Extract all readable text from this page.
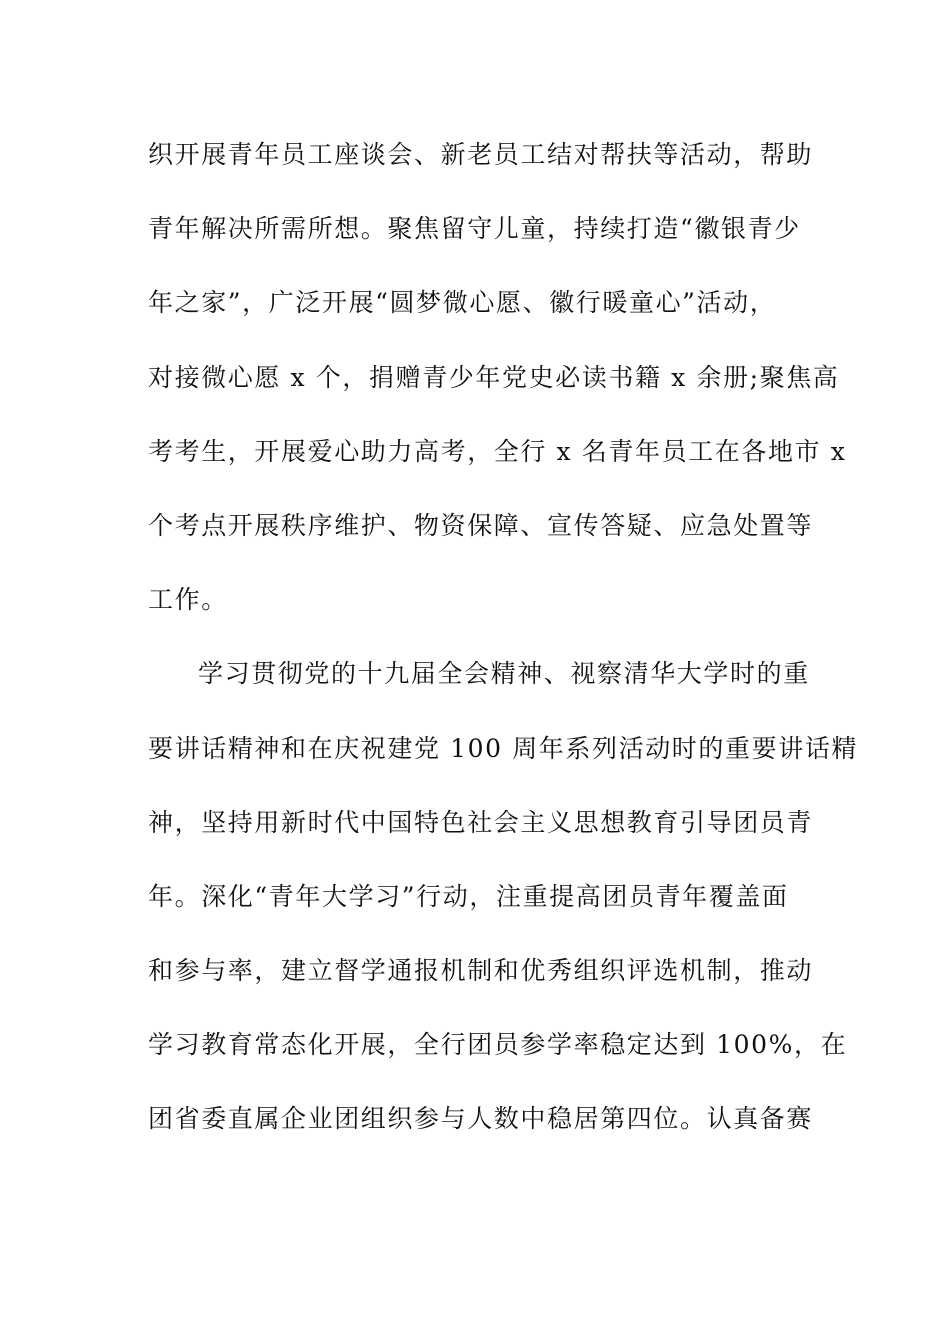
织开展青年员工座谈会、新老员工结对帮扶等活动，帮助
青年解决所需所想。聚焦留守儿童，持续打造“徽银青少
年之家”，广泛开展“圆梦微心愿、徽行暖童心”活动，
对接微心愿 x 个，捐赠青少年党史必读书籍 x 余册;聚焦高
考考生，开展爱心助力高考，全行 x 名青年员工在各地市 x
个考点开展秩序维护、物资保障、宣传答疑、应急处置等
工作。
学习贯彻党的十九届全会精神、视察清华大学时的重
要讲话精神和在庆祝建党 100 周年系列活动时的重要讲话精
神，坚持用新时代中国特色社会主义思想教育引导团员青
年。深化“青年大学习”行动，注重提高团员青年覆盖面
和参与率，建立督学通报机制和优秀组织评选机制，推动
学习教育常态化开展，全行团员参学率稳定达到 100%，在
团省委直属企业团组织参与人数中稳居第四位。认真备赛
